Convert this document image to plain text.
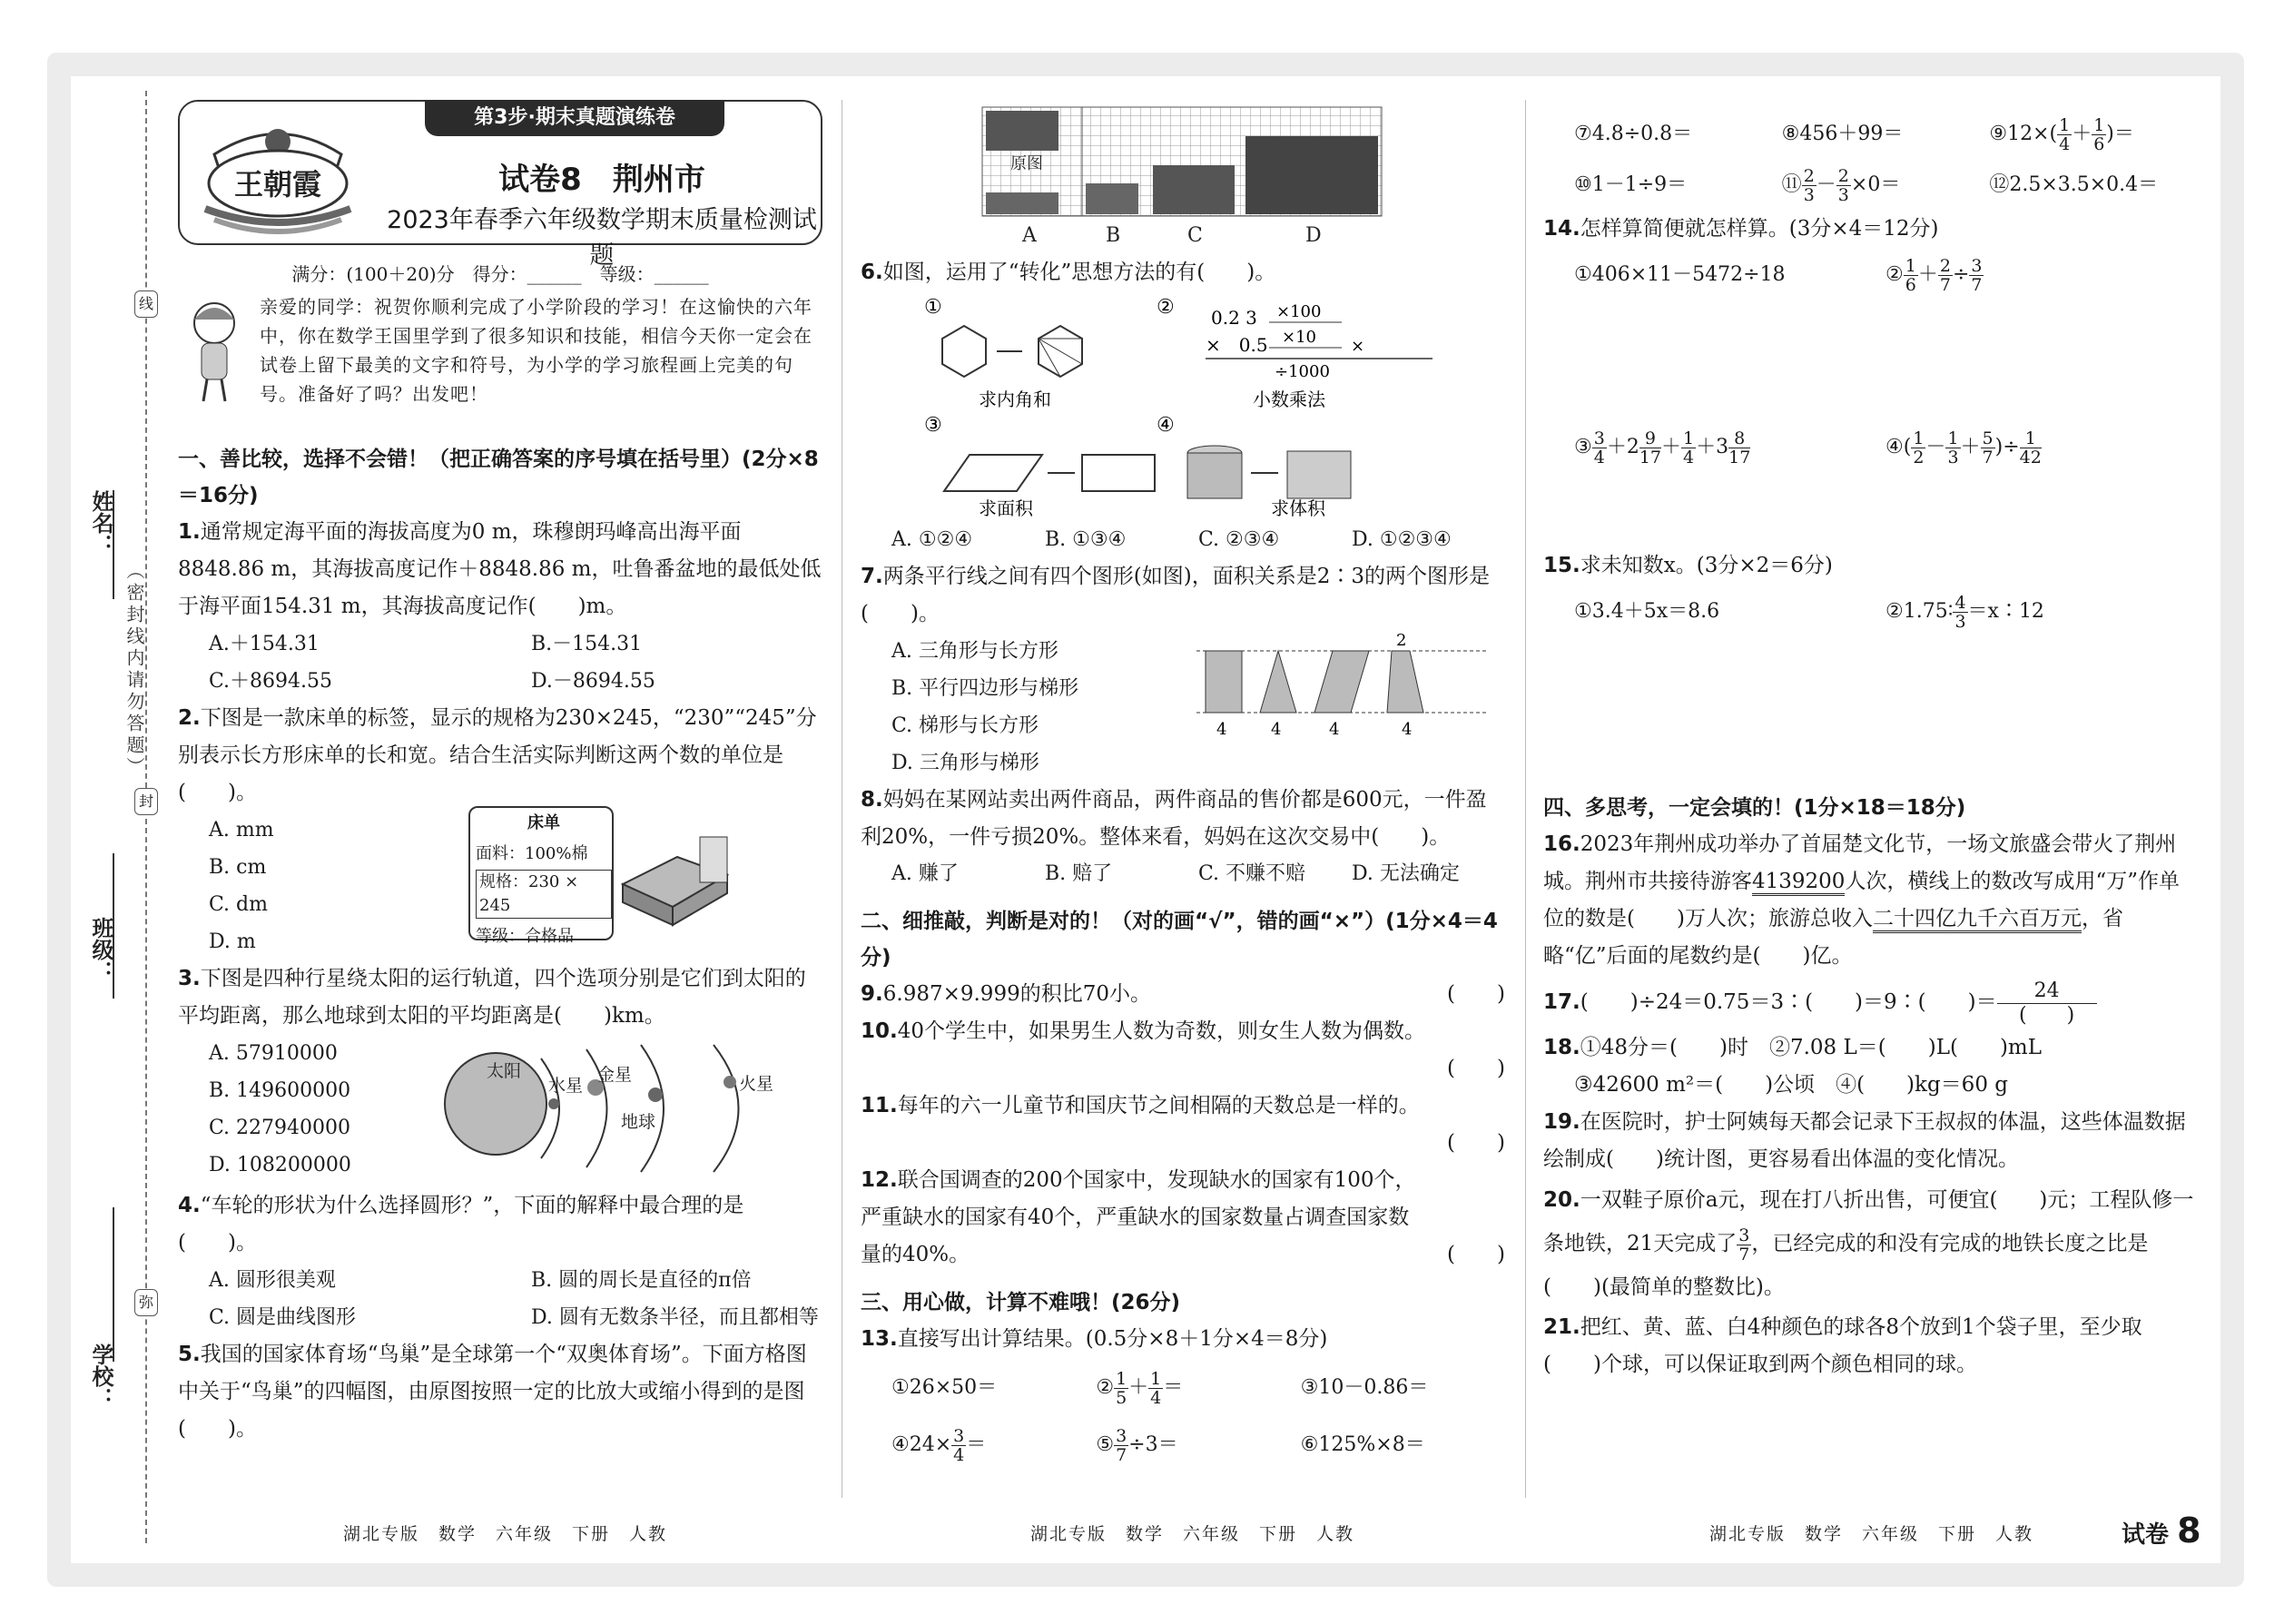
姓名：
班级：
学校：
线
封
弥
（密封线内请勿答题）
第3步·期末真题演练卷
王朝霞	试卷8　荆州市
2023年春季六年级数学期末质量检测试题
满分：(100＋20)分　得分：______　等级：______
亲爱的同学：祝贺你顺利完成了小学阶段的学习！在这愉快的六年中，你在数学王国里学到了很多知识和技能，相信今天你一定会在试卷上留下最美的文字和符号，为小学的学习旅程画上完美的句号。准备好了吗？出发吧！
一、善比较，选择不会错！（把正确答案的序号填在括号里）(2分×8＝16分)
1.通常规定海平面的海拔高度为0 m，珠穆朗玛峰高出海平面8848.86 m，其海拔高度记作＋8848.86 m，吐鲁番盆地的最低处低于海平面154.31 m，其海拔高度记作(　　)m。
A.＋154.31	B.－154.31
C.＋8694.55	D.－8694.55
2.下图是一款床单的标签，显示的规格为230×245，“230”“245”分别表示长方形床单的长和宽。结合生活实际判断这两个数的单位是(　　)。
A. mm
B. cm
C. dm
D. m
床单
面料：100%棉
规格：230 × 245
等级：合格品
3.下图是四种行星绕太阳的运行轨道，四个选项分别是它们到太阳的平均距离，那么地球到太阳的平均距离是(　　)km。
A. 57910000
B. 149600000
C. 227940000
D. 108200000
太阳
水星
金星
地球
火星
4.“车轮的形状为什么选择圆形？”，下面的解释中最合理的是(　　)。
A. 圆形很美观	B. 圆的周长是直径的π倍
C. 圆是曲线图形	D. 圆有无数条半径，而且都相等
5.我国的国家体育场“鸟巢”是全球第一个“双奥体育场”。下面方格图中关于“鸟巢”的四幅图，由原图按照一定的比放大或缩小得到的是图(　　)。
原图
A	B	C	D
6.如图，运用了“转化”思想方法的有(　　)。
①
求内角和
② 0.2 3
×　0.5
×100
×10
÷1000
×
小数乘法
③
求面积
④
求体积
A. ①②④	B. ①③④	C. ②③④	D. ①②③④
7.两条平行线之间有四个图形(如图)，面积关系是2∶3的两个图形是(　　)。
A. 三角形与长方形
B. 平行四边形与梯形
C. 梯形与长方形
D. 三角形与梯形
2
4	4	4	4
8.妈妈在某网站卖出两件商品，两件商品的售价都是600元，一件盈利20%，一件亏损20%。整体来看，妈妈在这次交易中(　　)。
A. 赚了	B. 赔了	C. 不赚不赔	D. 无法确定
二、细推敲，判断是对的！（对的画“√”，错的画“×”）(1分×4＝4分)
9.6.987×9.999的积比70小。	(　　)
10.40个学生中，如果男生人数为奇数，则女生人数为偶数。
(　　)
11.每年的六一儿童节和国庆节之间相隔的天数总是一样的。
(　　)
12.联合国调查的200个国家中，发现缺水的国家有100个，严重缺水的国家有40个，严重缺水的国家数量占调查国家数量的40%。	(　　)
三、用心做，计算不难哦！(26分)
13.直接写出计算结果。(0.5分×8＋1分×4＝8分)
①26×50＝	② $\frac{1}{5} + \frac{1}{4}$ ＝	③10－0.86＝
④24× $\frac{3}{4}$ ＝	⑤ $\frac{3}{7} \div 3=$	⑥125%×8＝
⑦4.8÷0.8＝	⑧456＋99＝	⑨12×( $\frac{1}{4} + \frac{1}{6}$ )＝
⑩1－1÷9＝	⑪ $\frac{2}{3} - \frac{2}{3} \times 0=$	⑫2.5×3.5×0.4＝
14.怎样算简便就怎样算。(3分×4＝12分)
①406×11－5472÷18	② $\frac{1}{6} + \frac{2}{7} \div \frac{3}{7}$
③ $\frac{3}{4} +2 \frac{9}{17} + \frac{1}{4} +3 \frac{8}{17}$	④( $\frac{1}{2} - \frac{1}{3} + \frac{5}{7}$ )÷ $\frac{1}{42}$
15.求未知数x。(3分×2＝6分)
①3.4＋5x＝8.6	②1.75∶ $\frac{4}{3}$ ＝x∶12
四、多思考，一定会填的！(1分×18＝18分)
16.2023年荆州成功举办了首届楚文化节，一场文旅盛会带火了荆州城。荆州市共接待游客4139200人次，横线上的数改写成用“万”作单位的数是(　　)万人次；旅游总收入二十四亿九千六百万元，省略“亿”后面的尾数约是(　　)亿。
17.(　　)÷24＝0.75＝3∶(　　)＝9∶(　　)＝ $\frac{24}{( )}$
18.①48分＝(　　)时　②7.08 L＝(　　)L(　　)mL
③42600 m²＝(　　)公顷　④(　　)kg＝60 g
19.在医院时，护士阿姨每天都会记录下王叔叔的体温，这些体温数据绘制成(　　)统计图，更容易看出体温的变化情况。
20.一双鞋子原价a元，现在打八折出售，可便宜(　　)元；工程队修一条地铁，21天完成了 $\frac{3}{7}$ ，已经完成的和没有完成的地铁长度之比是(　　)(最简单的整数比)。
21.把红、黄、蓝、白4种颜色的球各8个放到1个袋子里，至少取(　　)个球，可以保证取到两个颜色相同的球。
湖北专版　数学　六年级　下册　人教	湖北专版　数学　六年级　下册　人教	湖北专版　数学　六年级　下册　人教	试卷 8
